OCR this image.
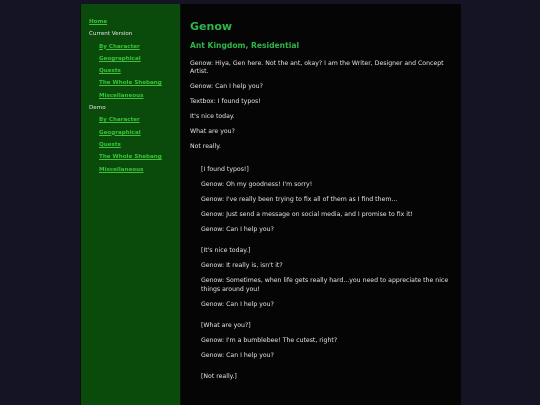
Home
Current Version
By Character
Geographical
Quests
The Whole Shebang
Miscellaneous
Demo
By Character
Geographical
Quests
The Whole Shebang
Miscellaneous
Genow
Ant Kingdom, Residential

Genow: Hiya, Gen here. Not the ant, okay? I am the Writer, Designer and Concept Artist.

Genow: Can I help you?

Textbox: I found typos!

It's nice today.

What are you?

Not really.

[I found typos!]

Genow: Oh my goodness! I'm sorry!

Genow: I've really been trying to fix all of them as I find them...

Genow: Just send a message on social media, and I promise to fix it!

Genow: Can I help you?

[It's nice today.]

Genow: It really is, isn't it?

Genow: Sometimes, when life gets really hard...you need to appreciate the nice things around you!

Genow: Can I help you?

[What are you?]

Genow: I'm a bumblebee! The cutest, right?

Genow: Can I help you?

[Not really.]
